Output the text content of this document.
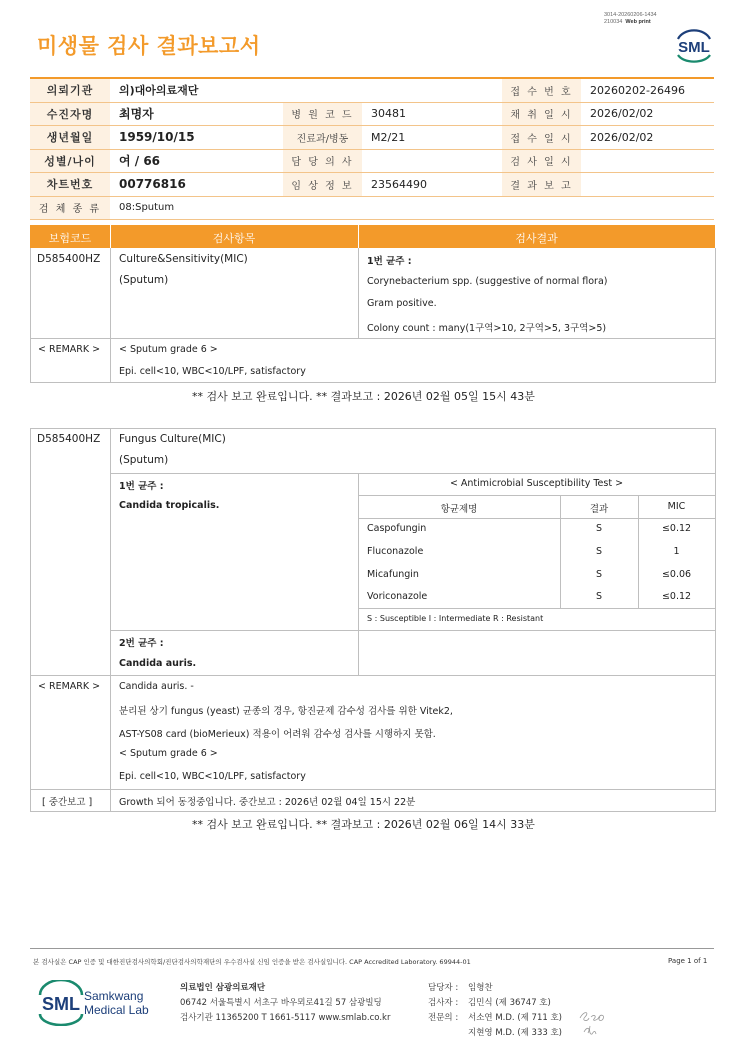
3014-20260206-1434
210034 Web print
미생물 검사 결과보고서	SML
의뢰기관	의)대아의료재단			접 수 번 호	20260202-26496
수진자명	최명자	병 원 코 드	30481	채 취 일 시	2026/02/02
생년월일	1959/10/15	진료과/병동	M2/21	접 수 일 시	2026/02/02
성별/나이	여 / 66	담 당 의 사		검 사 일 시	
차트번호	00776816	임 상 정 보	23564490	결 과 보 고	
검 체 종 류	08:Sputum				
보험코드	검사항목	검사결과
D585400HZ Culture&Sensitivity(MIC)
(Sputum)
1번 균주 :
Corynebacterium spp. (suggestive of normal flora)
Gram positive.
Colony count : many(1구역>10, 2구역>5, 3구역>5)
< REMARK > < Sputum grade 6 >
Epi. cell<10, WBC<10/LPF, satisfactory
** 검사 보고 완료입니다. ** 결과보고 : 2026년 02월 05일 15시 43분
D585400HZ Fungus Culture(MIC)
(Sputum)
1번 균주 :
Candida tropicalis.
< Antimicrobial Susceptibility Test >
항균제명	결과	MIC
Caspofungin	S	≤0.12
Fluconazole	S	1
Micafungin	S	≤0.06
Voriconazole	S	≤0.12
S : Susceptible I : Intermediate R : Resistant
2번 균주 :
Candida auris.
< REMARK > Candida auris. -
분리된 상기 fungus (yeast) 균종의 경우, 항진균제 감수성 검사를 위한 Vitek2,
AST-YS08 card (bioMerieux) 적용이 어려워 감수성 검사를 시행하지 못함.
< Sputum grade 6 >
Epi. cell<10, WBC<10/LPF, satisfactory
[ 중간보고 ]	Growth 되어 동정중입니다. 중간보고 : 2026년 02월 04일 15시 22분
** 검사 보고 완료입니다. ** 결과보고 : 2026년 02월 06일 14시 33분
본 검사실은 CAP 인증 및 대한진단검사의학회/진단검사의학재단의 우수검사실 신임 인증을 받은 검사실입니다. CAP Accredited Laboratory. 69944-01	Page 1 of 1
SML Samkwang
Medical Lab
의료법인 삼광의료재단
06742 서울특별시 서초구 바우뫼로41길 57 삼광빌딩
검사기관 11365200 T 1661-5117 www.smlab.co.kr
담당자 : 임형찬
검사자 : 김민식 (제 36747 호)
전문의 : 서소연 M.D. (제 711 호)
지현영 M.D. (제 333 호)
